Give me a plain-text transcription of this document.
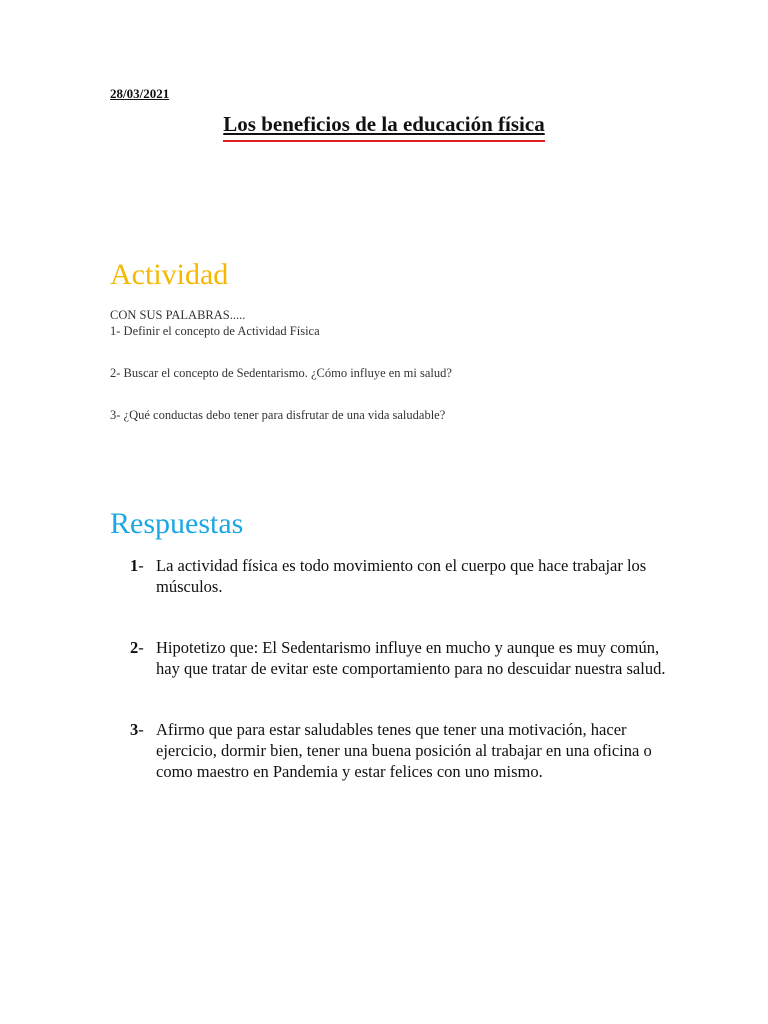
28/03/2021
Los beneficios de la educación física
Actividad
CON SUS PALABRAS.....
1- Definir el concepto de Actividad Física
2- Buscar el concepto de Sedentarismo. ¿Cómo influye en mi salud?
3- ¿Qué conductas debo tener para disfrutar de una vida saludable?
Respuestas
1- La actividad física es todo movimiento con el cuerpo que hace trabajar los músculos.
2- Hipotetizo que: El Sedentarismo influye en mucho y aunque es muy común, hay que tratar de evitar este comportamiento para no descuidar nuestra salud.
3- Afirmo que para estar saludables tenes que tener una motivación, hacer ejercicio, dormir bien, tener una buena posición al trabajar en una oficina o como maestro en Pandemia y estar felices con uno mismo.
